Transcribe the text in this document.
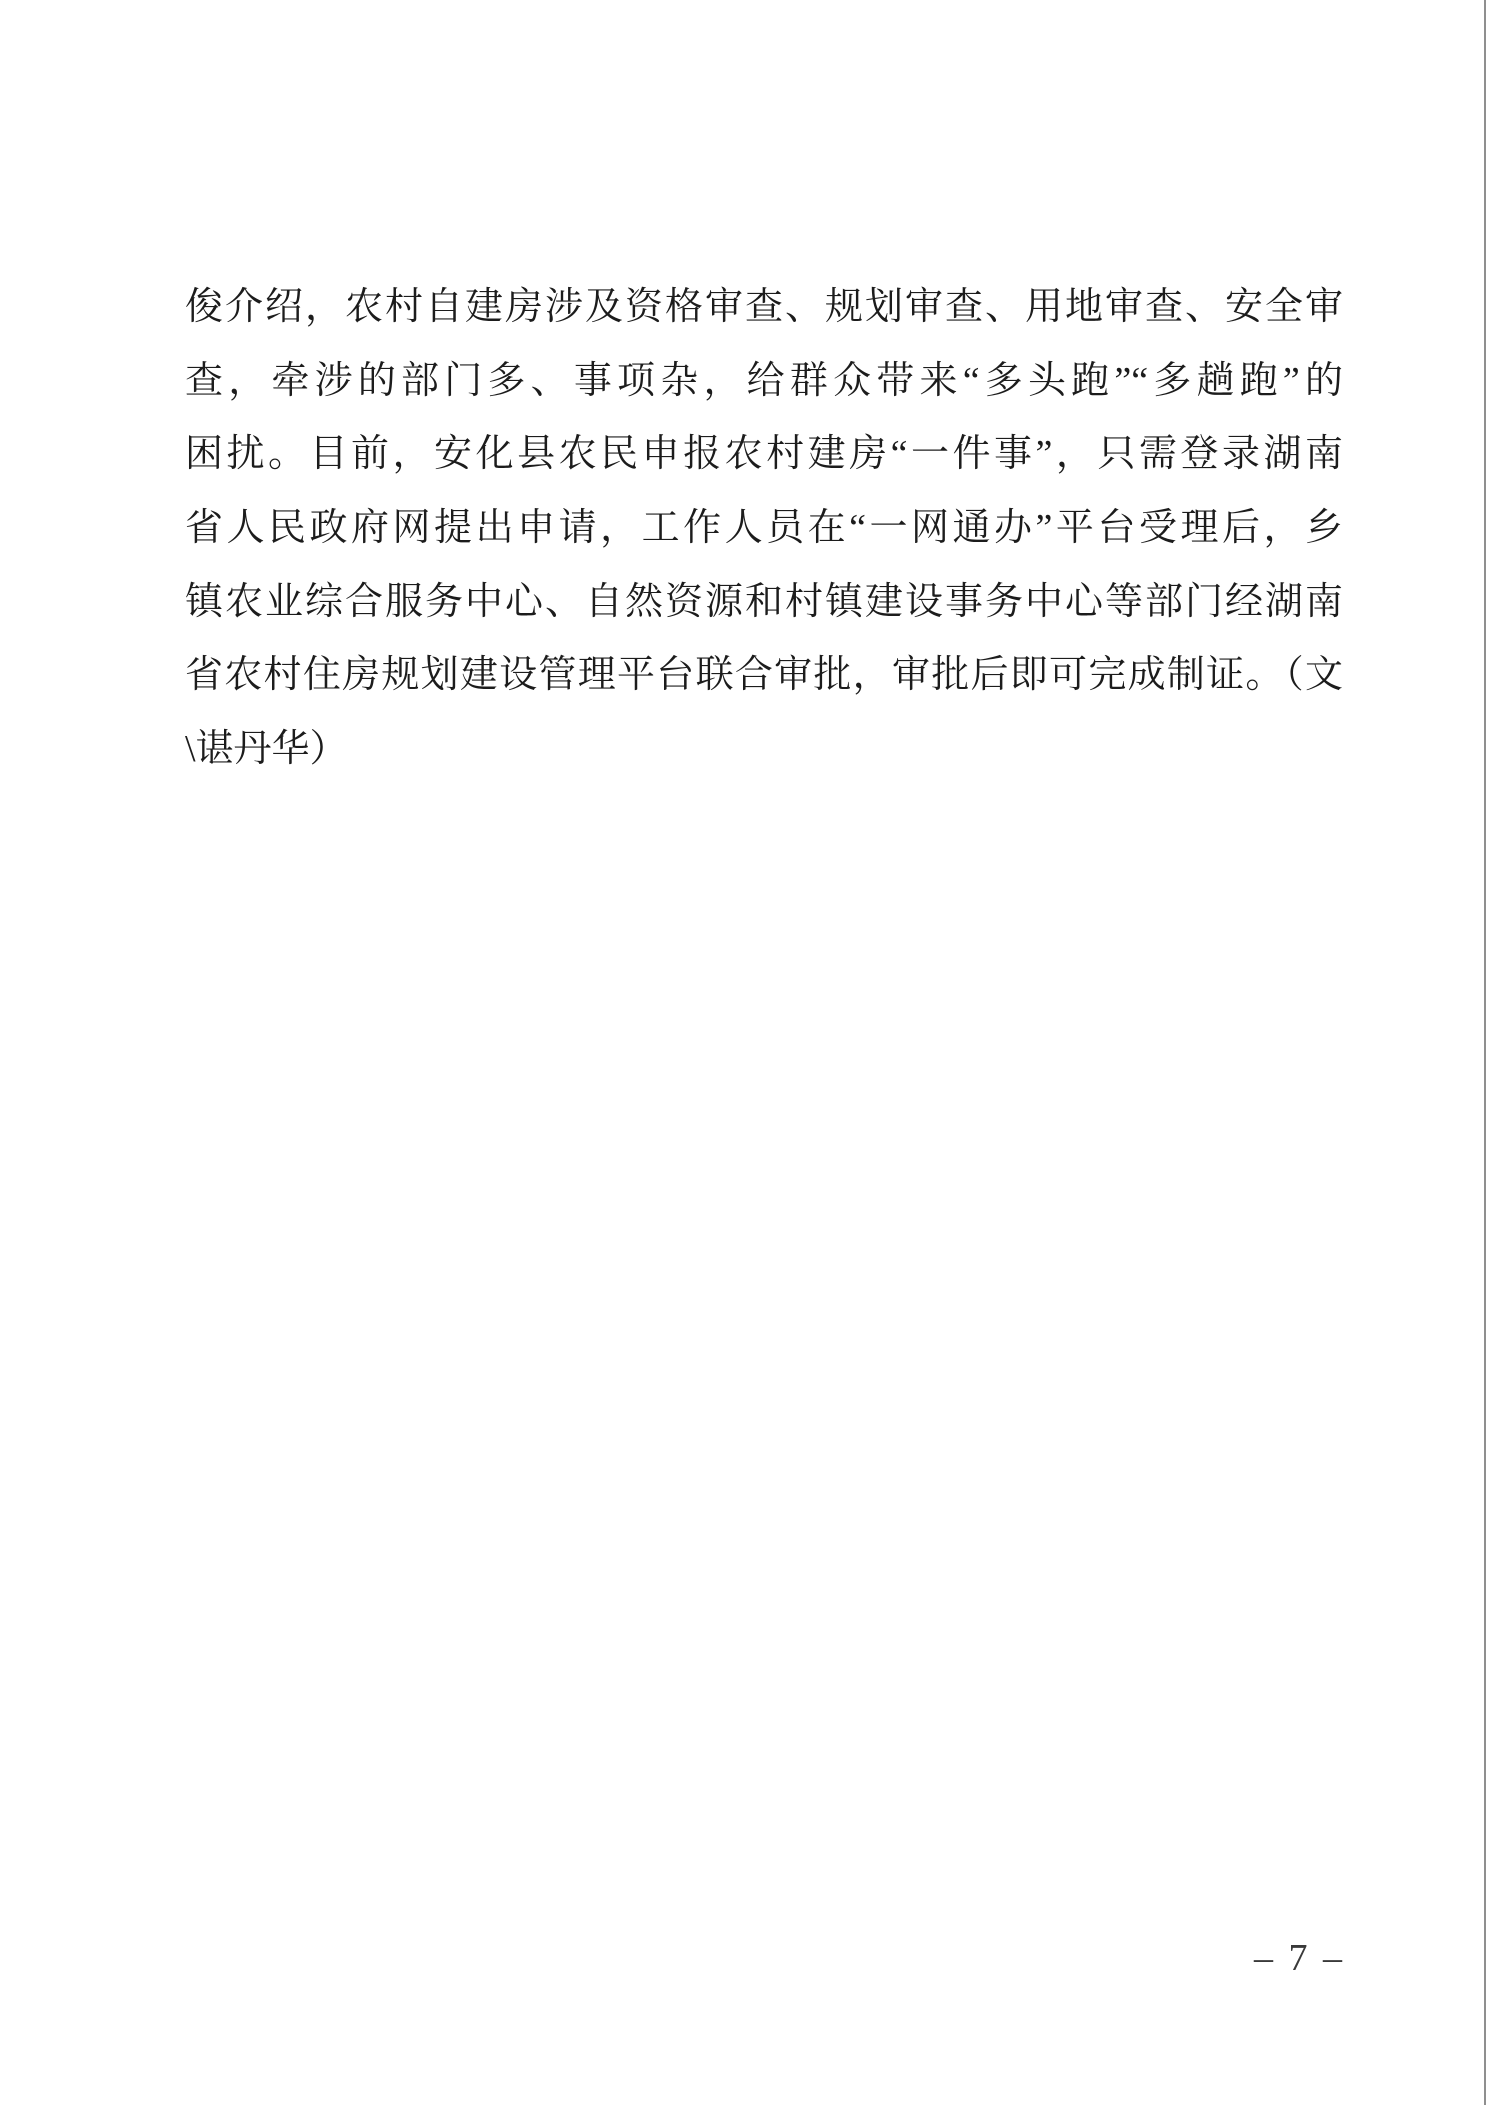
俊介绍，农村自建房涉及资格审查、规划审查、用地审查、安全审
查，牵涉的部门多、事项杂，给群众带来“多头跑”“多趟跑”的
困扰。目前，安化县农民申报农村建房“一件事”，只需登录湖南
省人民政府网提出申请，工作人员在“一网通办”平台受理后，乡
镇农业综合服务中心、自然资源和村镇建设事务中心等部门经湖南
省农村住房规划建设管理平台联合审批，审批后即可完成制证。（文
\谌丹华）
– 7 –
